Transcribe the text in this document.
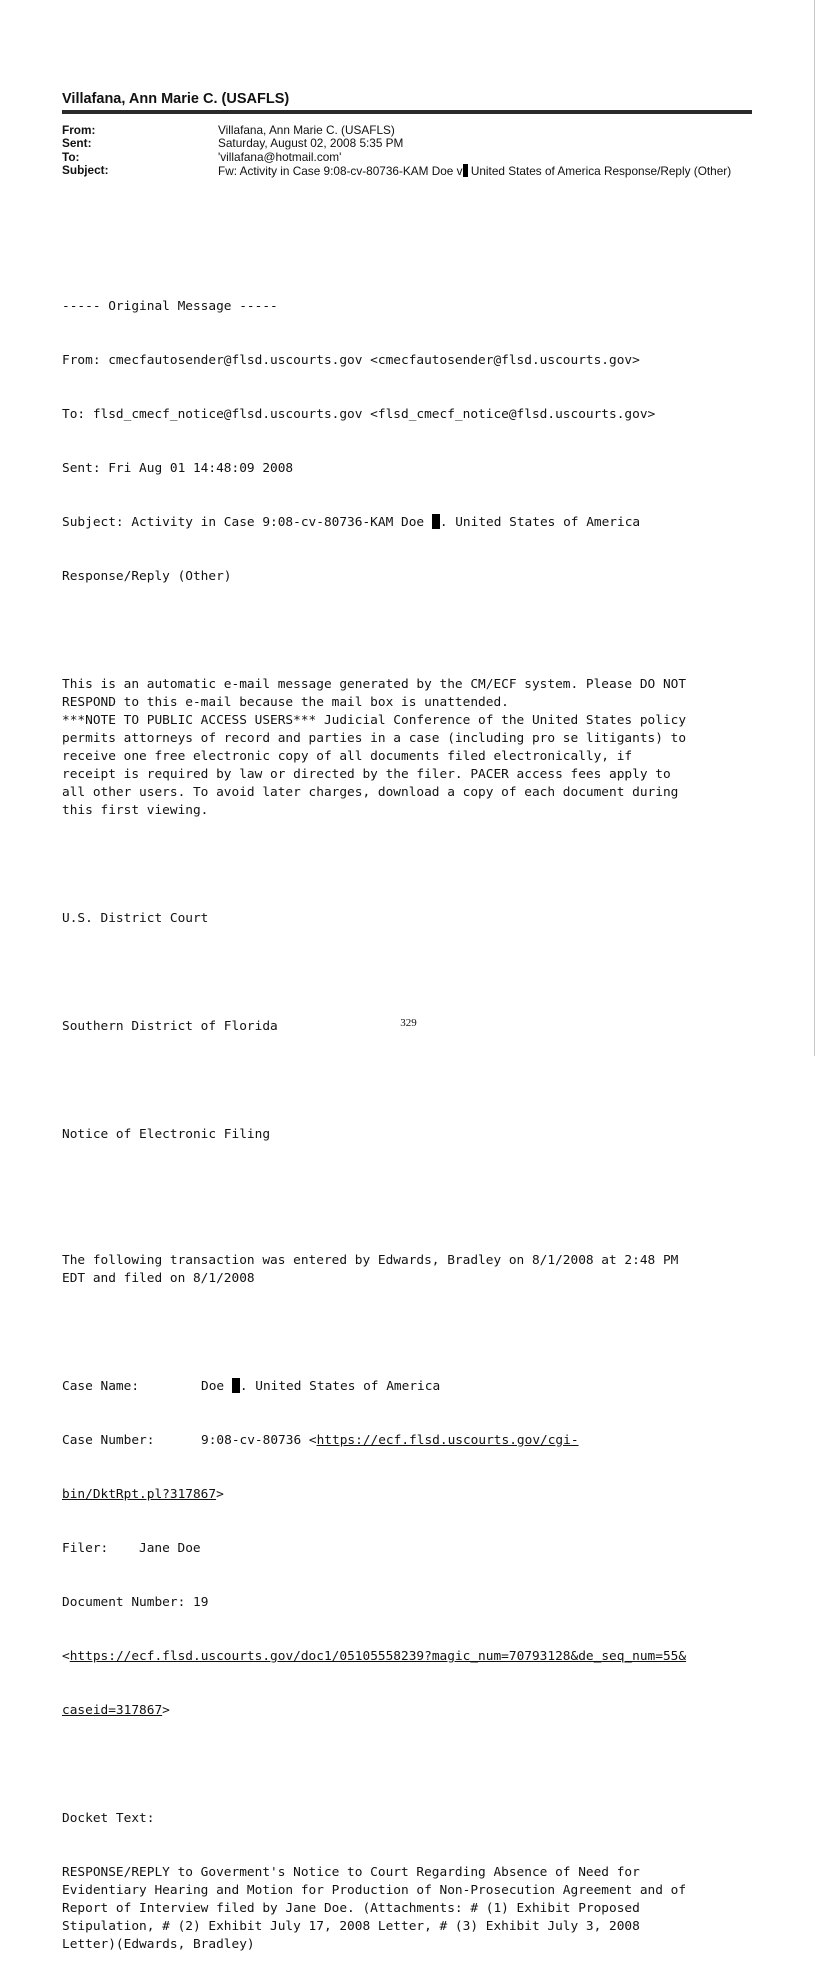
Villafana, Ann Marie C. (USAFLS)
From:	Villafana, Ann Marie C. (USAFLS)
Sent:	Saturday, August 02, 2008 5:35 PM
To:	'villafana@hotmail.com'
Subject:	Fw: Activity in Case 9:08-cv-80736-KAM Doe v United States of America Response/Reply (Other)

----- Original Message -----

From: cmecfautosender@flsd.uscourts.gov <cmecfautosender@flsd.uscourts.gov>

To: flsd_cmecf_notice@flsd.uscourts.gov <flsd_cmecf_notice@flsd.uscourts.gov>

Sent: Fri Aug 01 14:48:09 2008

Subject: Activity in Case 9:08-cv-80736-KAM Doe . United States of America

Response/Reply (Other)

This is an automatic e-mail message generated by the CM/ECF system. Please DO NOT
RESPOND to this e-mail because the mail box is unattended.
***NOTE TO PUBLIC ACCESS USERS*** Judicial Conference of the United States policy
permits attorneys of record and parties in a case (including pro se litigants) to
receive one free electronic copy of all documents filed electronically, if
receipt is required by law or directed by the filer. PACER access fees apply to
all other users. To avoid later charges, download a copy of each document during
this first viewing.

U.S. District Court

Southern District of Florida

Notice of Electronic Filing

The following transaction was entered by Edwards, Bradley on 8/1/2008 at 2:48 PM
EDT and filed on 8/1/2008

Case Name:	Doe . United States of America

Case Number:	9:08-cv-80736 <https://ecf.flsd.uscourts.gov/cgi-

bin/DktRpt.pl?317867>

Filer: Jane Doe

Document Number: 19

<https://ecf.flsd.uscourts.gov/doc1/05105558239?magic_num=70793128&de_seq_num=55&

caseid=317867>

Docket Text:

RESPONSE/REPLY to Goverment's Notice to Court Regarding Absence of Need for
Evidentiary Hearing and Motion for Production of Non-Prosecution Agreement and of
Report of Interview filed by Jane Doe. (Attachments: # (1) Exhibit Proposed
Stipulation, # (2) Exhibit July 17, 2008 Letter, # (3) Exhibit July 3, 2008
Letter)(Edwards, Bradley)

329
